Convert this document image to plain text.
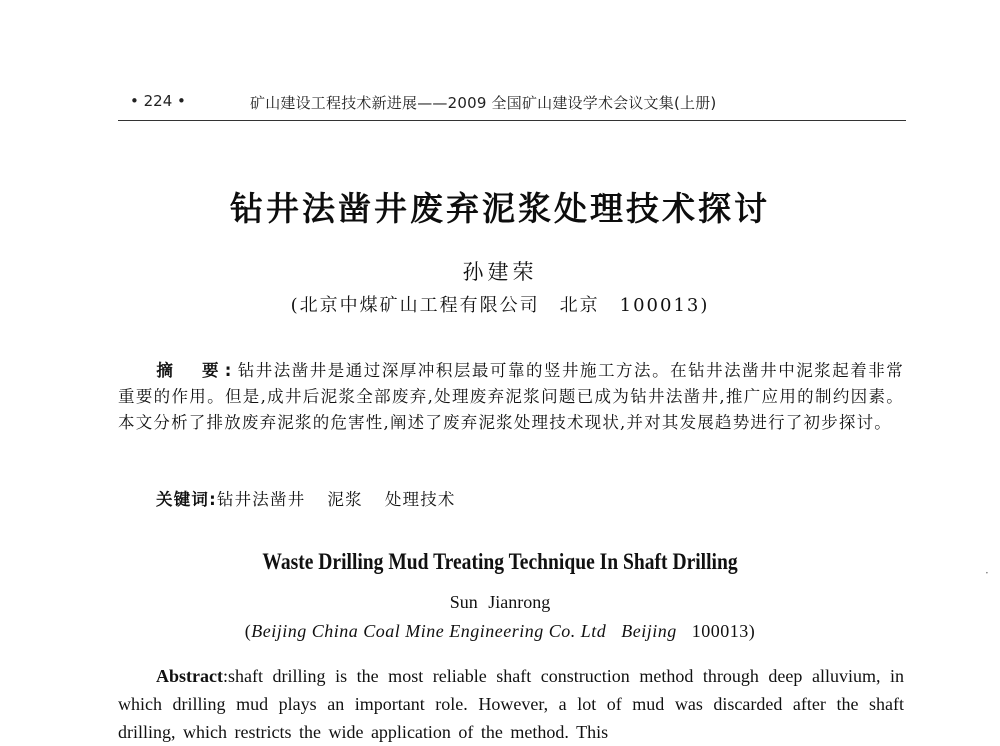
• 224 •	矿山建设工程技术新进展——2009 全国矿山建设学术会议文集(上册)
钻井法凿井废弃泥浆处理技术探讨
孙建荣
(北京中煤矿山工程有限公司　北京　100013)
摘　要:钻井法凿井是通过深厚冲积层最可靠的竖井施工方法。在钻井法凿井中泥浆起着非常重要的作用。但是,成井后泥浆全部废弃,处理废弃泥浆问题已成为钻井法凿井,推广应用的制约因素。本文分析了排放废弃泥浆的危害性,阐述了废弃泥浆处理技术现状,并对其发展趋势进行了初步探讨。
关键词:钻井法凿井 泥浆 处理技术
Waste Drilling Mud Treating Technique In Shaft Drilling
Sun Jianrong
(Beijing China Coal Mine Engineering Co. Ltd Beijing 100013)
Abstract:shaft drilling is the most reliable shaft construction method through deep alluvium, in which drilling mud plays an important role. However, a lot of mud was discarded after the shaft drilling, which restricts the wide application of the method. This
·
